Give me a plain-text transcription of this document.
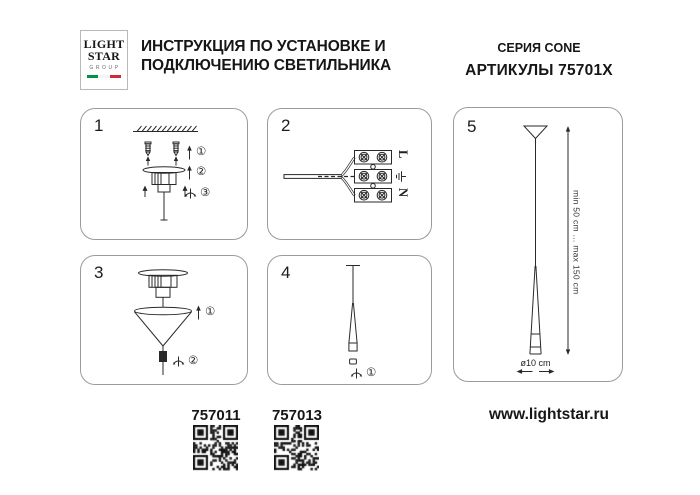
LIGHT
STAR
GROUP
ИНСТРУКЦИЯ ПО УСТАНОВКЕ И
ПОДКЛЮЧЕНИЮ СВЕТИЛЬНИКА
СЕРИЯ CONE
АРТИКУЛЫ 75701X
1
①
②
③
2
L
N
5
min 50 cm ... max 150 cm
ø10 cm
3
①
②
4
①
757011	757013	www.lightstar.ru
